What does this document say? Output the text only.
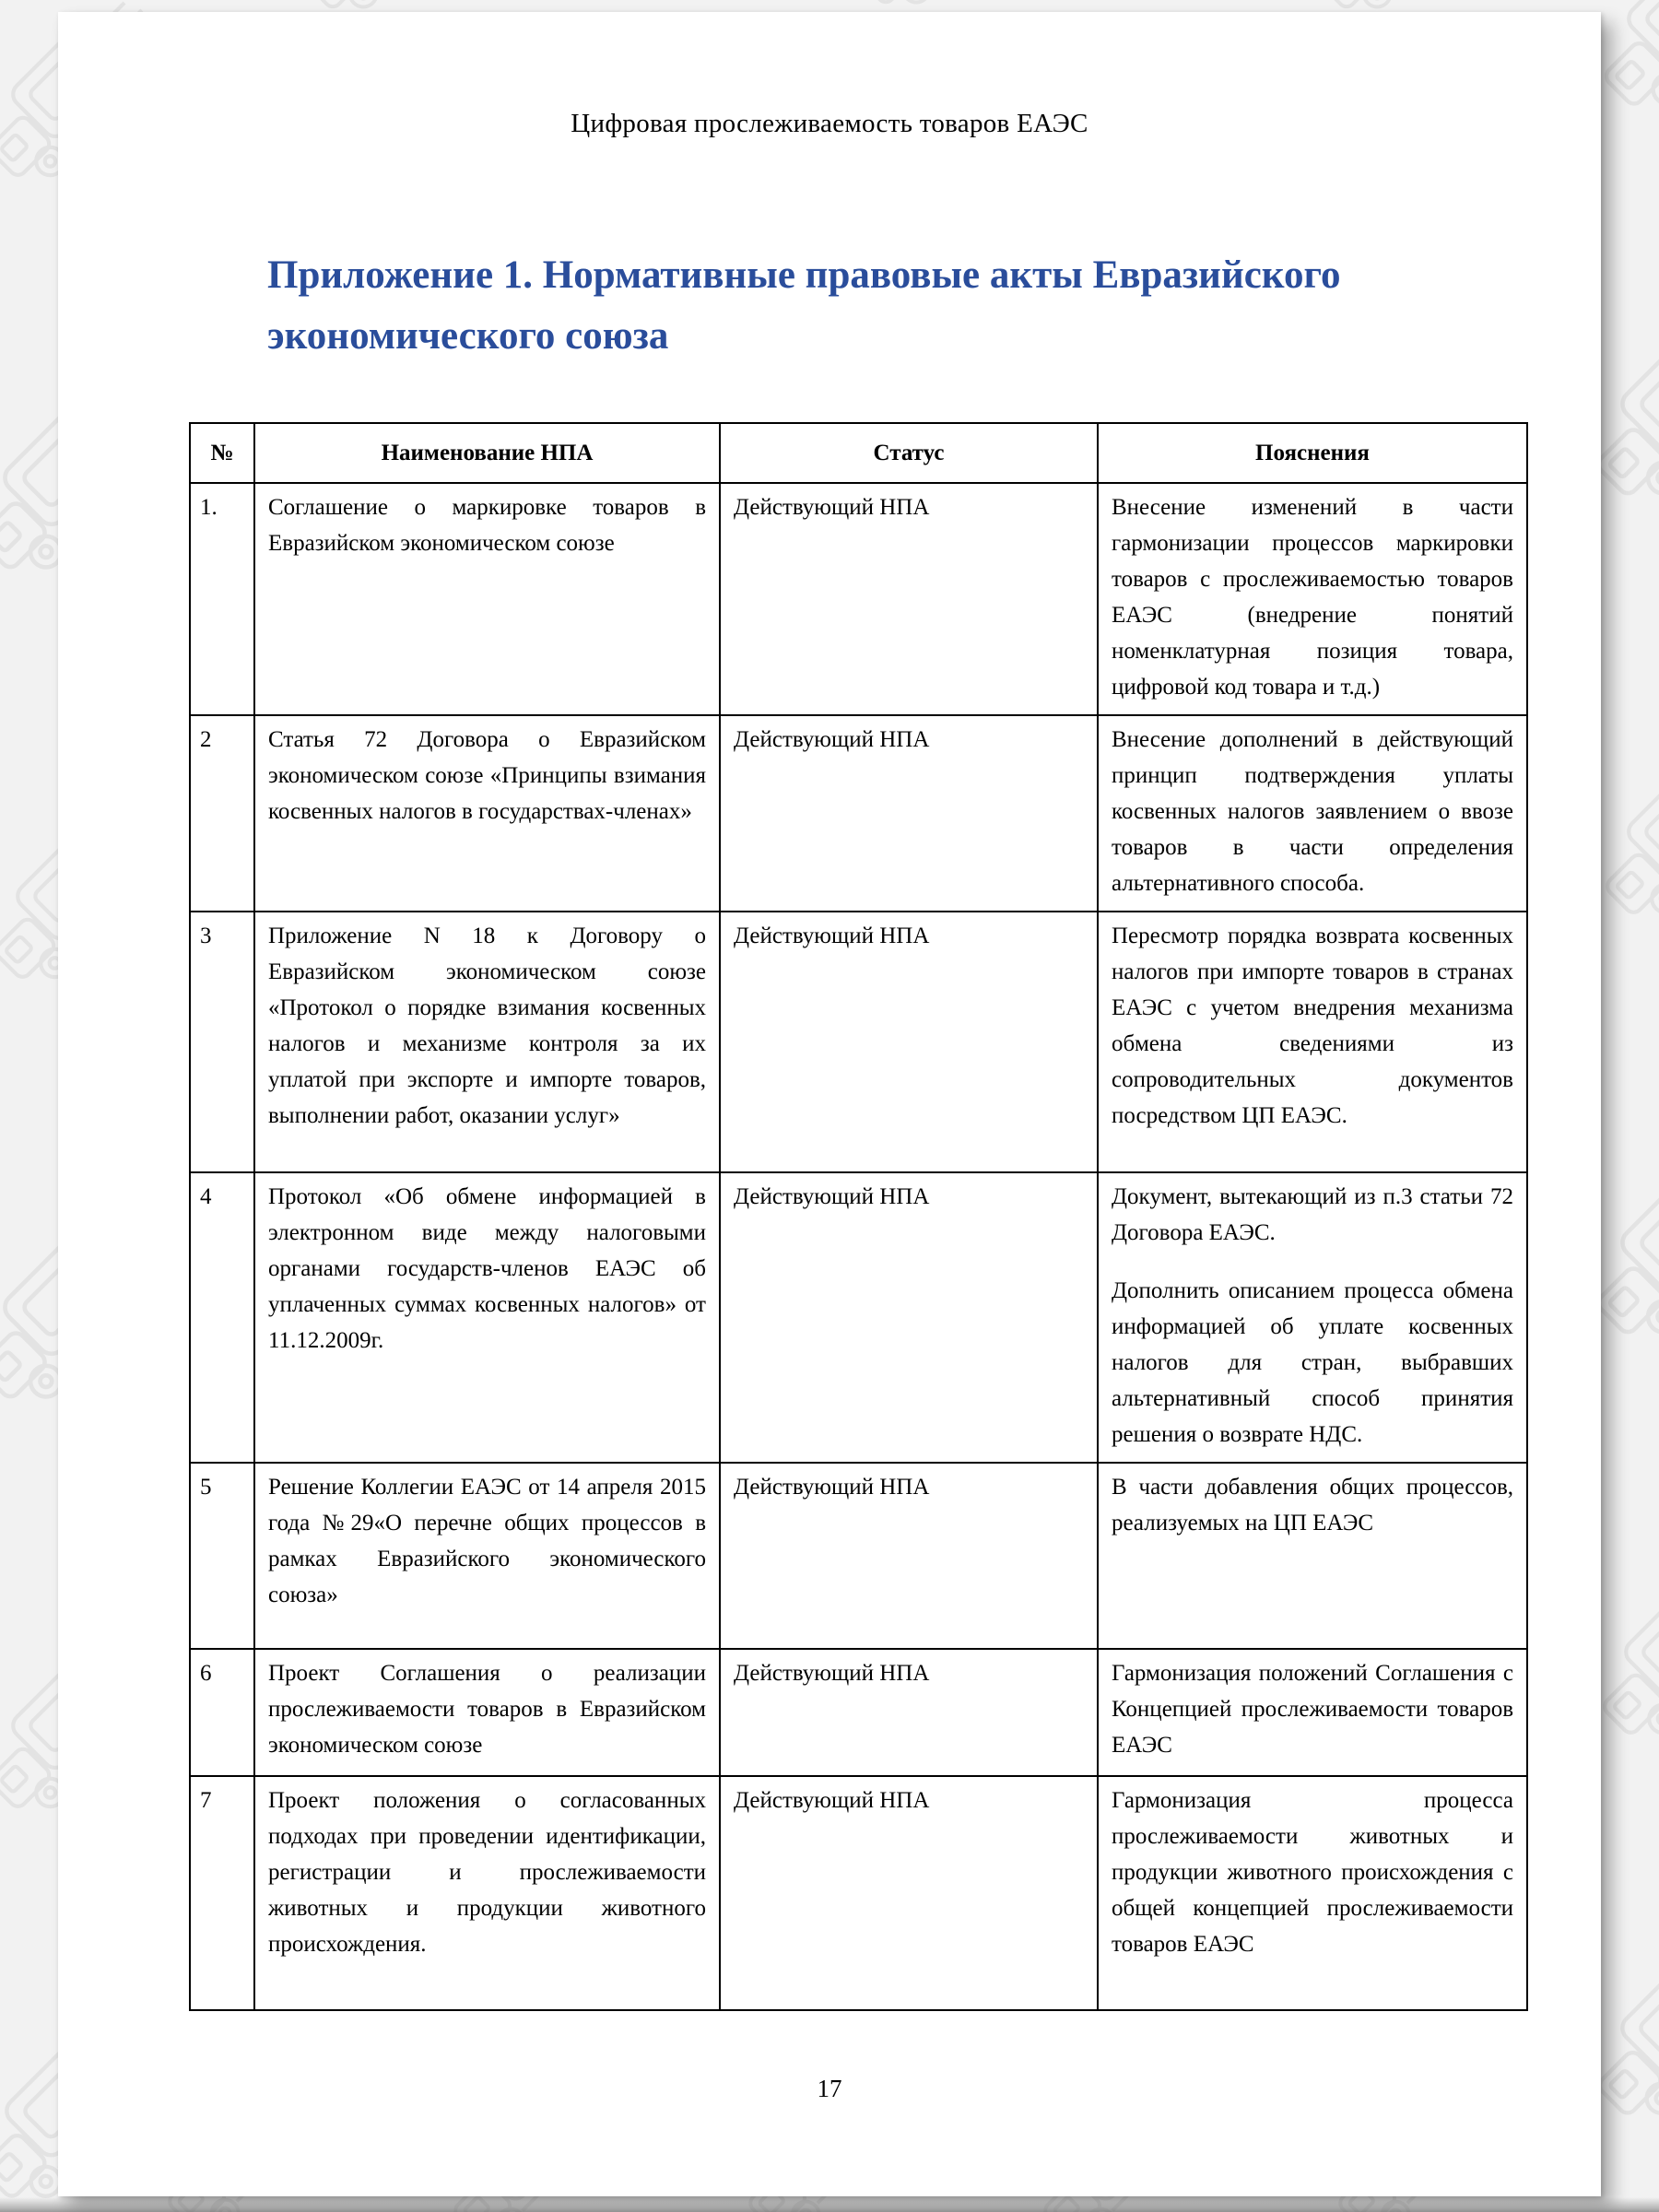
Цифровая прослеживаемость товаров ЕАЭС
Приложение 1. Нормативные правовые акты Евразийского экономического союза
№	Наименование НПА	Статус	Пояснения
1.	Соглашение о маркировке товаров в Евразийском экономическом союзе	Действующий НПА	Внесение изменений в части гармонизации процессов маркировки товаров с прослеживаемостью товаров ЕАЭС (внедрение понятий номенклатурная позиция товара, цифровой код товара и т.д.)

2	Статья 72 Договора о Евразийском экономическом союзе «Принципы взимания косвенных налогов в государствах-членах»	Действующий НПА	Внесение дополнений в действующий принцип подтверждения уплаты косвенных налогов заявлением о ввозе товаров в части определения альтернативного способа.

3	Приложение N 18 к Договору о Евразийском экономическом союзе «Протокол о порядке взимания косвенных налогов и механизме контроля за их уплатой при экспорте и импорте товаров, выполнении работ, оказании услуг»	Действующий НПА	Пересмотр порядка возврата косвенных налогов при импорте товаров в странах ЕАЭС с учетом внедрения механизма обмена сведениями из сопроводительных документов посредством ЦП ЕАЭС.

4	Протокол «Об обмене информацией в электронном виде между налоговыми органами государств-членов ЕАЭС об уплаченных суммах косвенных налогов» от 11.12.2009г.	Действующий НПА	Документ, вытекающий из п.3 статьи 72 Договора ЕАЭС.

Дополнить описанием процесса обмена информацией об уплате косвенных налогов для стран, выбравших альтернативный способ принятия решения о возврате НДС.

5	Решение Коллегии ЕАЭС от 14 апреля 2015 года №29«О перечне общих процессов в рамках Евразийского экономического союза»	Действующий НПА	В части добавления общих процессов, реализуемых на ЦП ЕАЭС

6	Проект Соглашения о реализации прослеживаемости товаров в Евразийском экономическом союзе	Действующий НПА	Гармонизация положений Соглашения с Концепцией прослеживаемости товаров ЕАЭС

7	Проект положения о согласованных подходах при проведении идентификации, регистрации и прослеживаемости животных и продукции животного происхождения.	Действующий НПА	Гармонизация процесса прослеживаемости животных и продукции животного происхождения с общей концепцией прослеживаемости товаров ЕАЭС

17
